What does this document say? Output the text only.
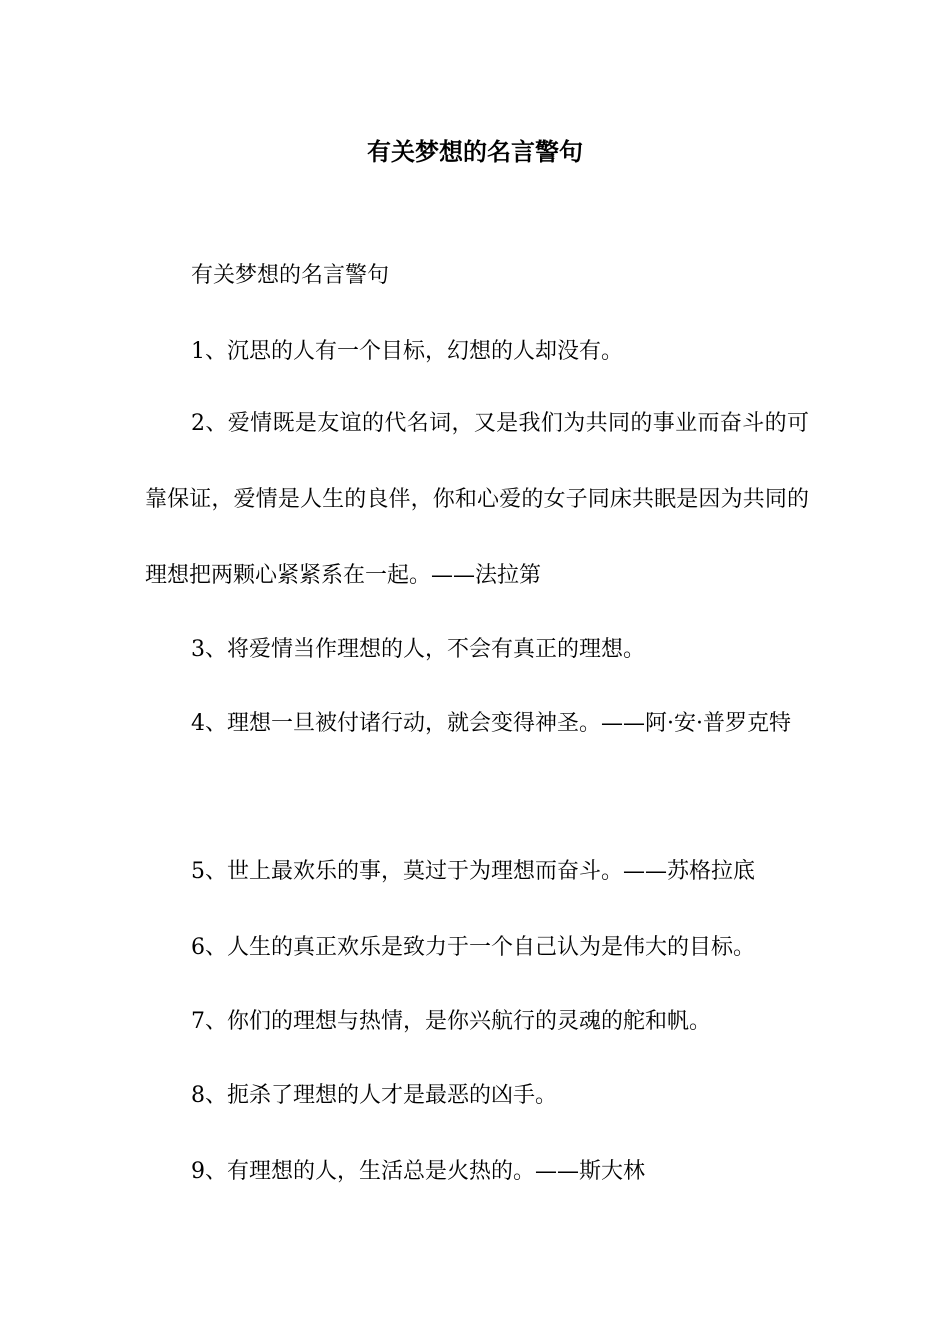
有关梦想的名言警句

有关梦想的名言警句

1、沉思的人有一个目标，幻想的人却没有。

2、爱情既是友谊的代名词，又是我们为共同的事业而奋斗的可靠保证，爱情是人生的良伴，你和心爱的女子同床共眠是因为共同的理想把两颗心紧紧系在一起。——法拉第

3、将爱情当作理想的人，不会有真正的理想。

4、理想一旦被付诸行动，就会变得神圣。——阿·安·普罗克特

5、世上最欢乐的事，莫过于为理想而奋斗。——苏格拉底

6、人生的真正欢乐是致力于一个自己认为是伟大的目标。

7、你们的理想与热情，是你兴航行的灵魂的舵和帆。

8、扼杀了理想的人才是最恶的凶手。

9、有理想的人，生活总是火热的。——斯大林
